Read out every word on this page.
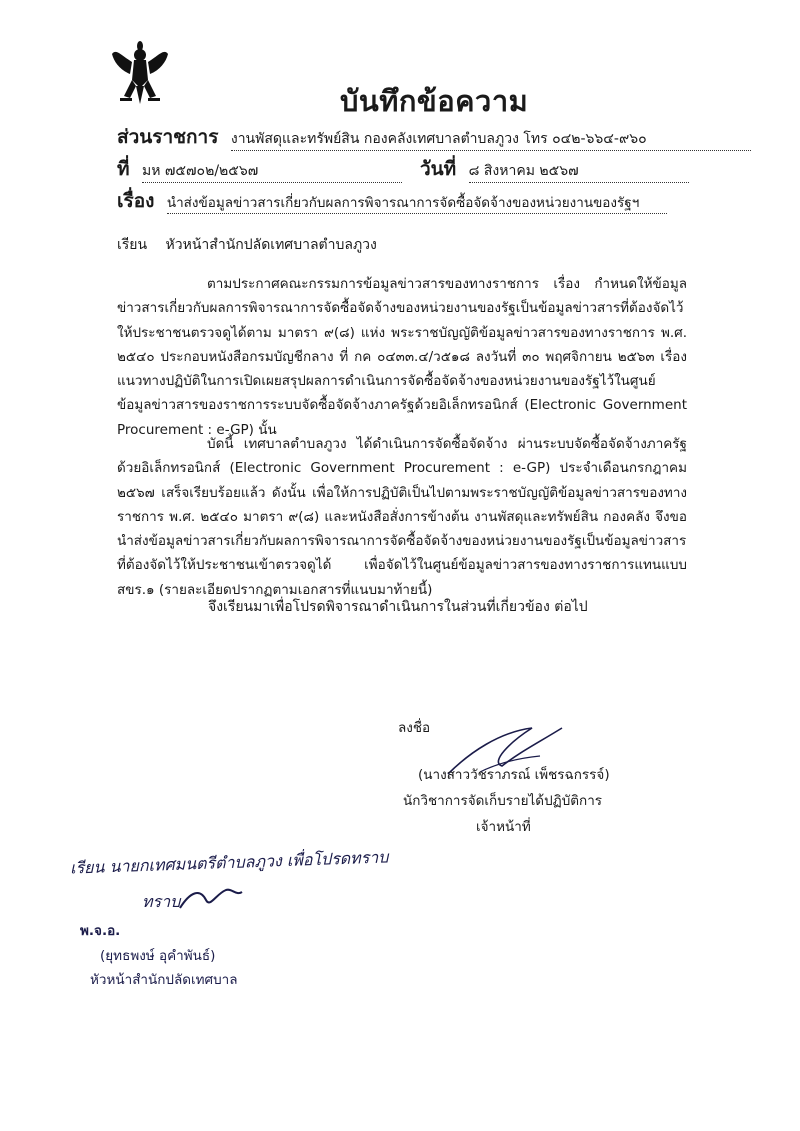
บันทึกข้อความ
ส่วนราชการ งานพัสดุและทรัพย์สิน กองคลังเทศบาลตำบลภูวง โทร ๐๔๒-๖๖๔-๙๖๐
ที่ มห ๗๕๗๐๒/๒๕๖๗	วันที่ ๘ สิงหาคม ๒๕๖๗
เรื่อง นำส่งข้อมูลข่าวสารเกี่ยวกับผลการพิจารณาการจัดซื้อจัดจ้างของหน่วยงานของรัฐฯ
เรียน หัวหน้าสำนักปลัดเทศบาลตำบลภูวง

ตามประกาศคณะกรรมการข้อมูลข่าวสารของทางราชการ เรื่อง กำหนดให้ข้อมูลข่าวสารเกี่ยวกับผลการพิจารณาการจัดซื้อจัดจ้างของหน่วยงานของรัฐเป็นข้อมูลข่าวสารที่ต้องจัดไว้ให้ประชาชนตรวจดูได้ตาม มาตรา ๙(๘) แห่ง พระราชบัญญัติข้อมูลข่าวสารของทางราชการ พ.ศ. ๒๕๔๐ ประกอบหนังสือกรมบัญชีกลาง ที่ กค ๐๔๓๓.๔/ว๕๑๘ ลงวันที่ ๓๐ พฤศจิกายน ๒๕๖๓ เรื่อง แนวทางปฏิบัติในการเปิดเผยสรุปผลการดำเนินการจัดซื้อจัดจ้างของหน่วยงานของรัฐไว้ในศูนย์ข้อมูลข่าวสารของราชการระบบจัดซื้อจัดจ้างภาครัฐด้วยอิเล็กทรอนิกส์ (Electronic Government Procurement : e-GP) นั้น

บัดนี้ เทศบาลตำบลภูวง ได้ดำเนินการจัดซื้อจัดจ้าง ผ่านระบบจัดซื้อจัดจ้างภาครัฐด้วยอิเล็กทรอนิกส์ (Electronic Government Procurement : e-GP) ประจำเดือนกรกฎาคม ๒๕๖๗ เสร็จเรียบร้อยแล้ว ดังนั้น เพื่อให้การปฏิบัติเป็นไปตามพระราชบัญญัติข้อมูลข่าวสารของทางราชการ พ.ศ. ๒๕๔๐ มาตรา ๙(๘) และหนังสือสั่งการข้างต้น งานพัสดุและทรัพย์สิน กองคลัง จึงขอนำส่งข้อมูลข่าวสารเกี่ยวกับผลการพิจารณาการจัดซื้อจัดจ้างของหน่วยงานของรัฐเป็นข้อมูลข่าวสารที่ต้องจัดไว้ให้ประชาชนเข้าตรวจดูได้ เพื่อจัดไว้ในศูนย์ข้อมูลข่าวสารของทางราชการแทนแบบ สขร.๑ (รายละเอียดปรากฏตามเอกสารที่แนบมาท้ายนี้)

จึงเรียนมาเพื่อโปรดพิจารณาดำเนินการในส่วนที่เกี่ยวข้อง ต่อไป
ลงชื่อ
(นางสาววัชราภรณ์ เพ็ชรฉกรรจ์)
นักวิชาการจัดเก็บรายได้ปฏิบัติการ
เจ้าหน้าที่
เรียน นายกเทศมนตรีตำบลภูวง เพื่อโปรดทราบ
ทราบ
พ.จ.อ.
(ยุทธพงษ์ อุคำพันธ์)
หัวหน้าสำนักปลัดเทศบาล
